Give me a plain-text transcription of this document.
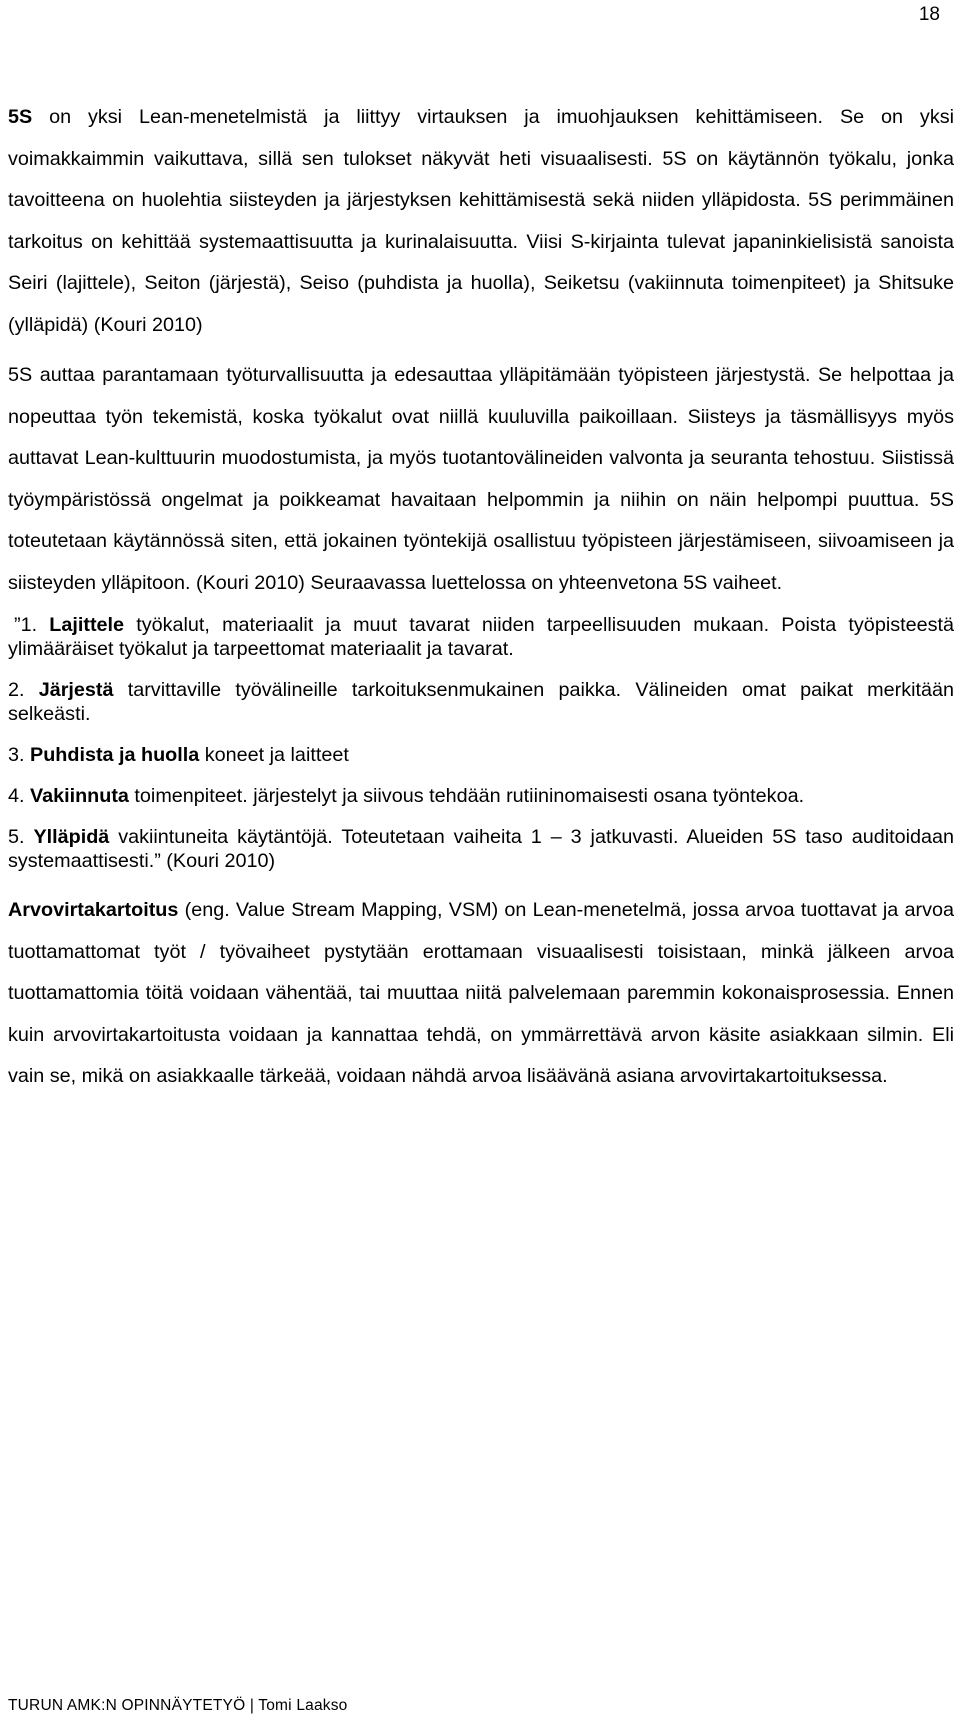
18

5S on yksi Lean-menetelmistä ja liittyy virtauksen ja imuohjauksen kehittämiseen. Se on yksi voimakkaimmin vaikuttava, sillä sen tulokset näkyvät heti visuaalisesti. 5S on käytännön työkalu, jonka tavoitteena on huolehtia siisteyden ja järjestyksen kehittämisestä sekä niiden ylläpidosta. 5S perimmäinen tarkoitus on kehittää systemaattisuutta ja kurinalaisuutta. Viisi S-kirjainta tulevat japaninkielisistä sanoista Seiri (lajittele), Seiton (järjestä), Seiso (puhdista ja huolla), Seiketsu (vakiinnuta toimenpiteet) ja Shitsuke (ylläpidä) (Kouri 2010)

5S auttaa parantamaan työturvallisuutta ja edesauttaa ylläpitämään työpisteen järjestystä. Se helpottaa ja nopeuttaa työn tekemistä, koska työkalut ovat niillä kuuluvilla paikoillaan. Siisteys ja täsmällisyys myös auttavat Lean-kulttuurin muodostumista, ja myös tuotantovälineiden valvonta ja seuranta tehostuu. Siistissä työympäristössä ongelmat ja poikkeamat havaitaan helpommin ja niihin on näin helpompi puuttua. 5S toteutetaan käytännössä siten, että jokainen työntekijä osallistuu työpisteen järjestämiseen, siivoamiseen ja siisteyden ylläpitoon. (Kouri 2010) Seuraavassa luettelossa on yhteenvetona 5S vaiheet.

”1. Lajittele työkalut, materiaalit ja muut tavarat niiden tarpeellisuuden mukaan. Poista työpisteestä ylimääräiset työkalut ja tarpeettomat materiaalit ja tavarat.

2. Järjestä tarvittaville työvälineille tarkoituksenmukainen paikka. Välineiden omat paikat merkitään selkeästi.

3. Puhdista ja huolla koneet ja laitteet

4. Vakiinnuta toimenpiteet. järjestelyt ja siivous tehdään rutiininomaisesti osana työntekoa.

5. Ylläpidä vakiintuneita käytäntöjä. Toteutetaan vaiheita 1 – 3 jatkuvasti. Alueiden 5S taso auditoidaan systemaattisesti.” (Kouri 2010)

Arvovirtakartoitus (eng. Value Stream Mapping, VSM) on Lean-menetelmä, jossa arvoa tuottavat ja arvoa tuottamattomat työt / työvaiheet pystytään erottamaan visuaalisesti toisistaan, minkä jälkeen arvoa tuottamattomia töitä voidaan vähentää, tai muuttaa niitä palvelemaan paremmin kokonaisprosessia. Ennen kuin arvovirtakartoitusta voidaan ja kannattaa tehdä, on ymmärrettävä arvon käsite asiakkaan silmin. Eli vain se, mikä on asiakkaalle tärkeää, voidaan nähdä arvoa lisäävänä asiana arvovirtakartoituksessa.

TURUN AMK:N OPINNÄYTETYÖ | Tomi Laakso
